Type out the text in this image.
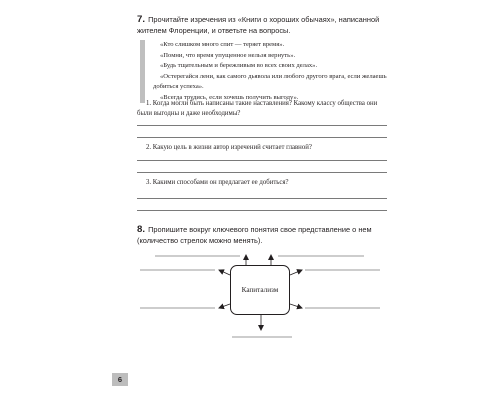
7. Прочитайте изречения из «Книги о хороших обычаях», написанной жителем Флоренции, и ответьте на вопросы.

«Кто слишком много спит — теряет время».

«Помни, что время упущенное нельзя вернуть».

«Будь тщательным и бережливым во всех своих делах».

«Остерегайся лени, как самого дьявола или любого другого врага, если желаешь добиться успеха».

«Всегда трудись, если хочешь получить выгоду».

1. Когда могли быть написаны такие наставления? Какому классу общества они были выгодны и даже необходимы?

2. Какую цель в жизни автор изречений считает главной?

3. Какими способами он предлагает ее добиться?

8. Пропишите вокруг ключевого понятия свое представление о нем (количество стрелок можно менять).

Капитализм
6
